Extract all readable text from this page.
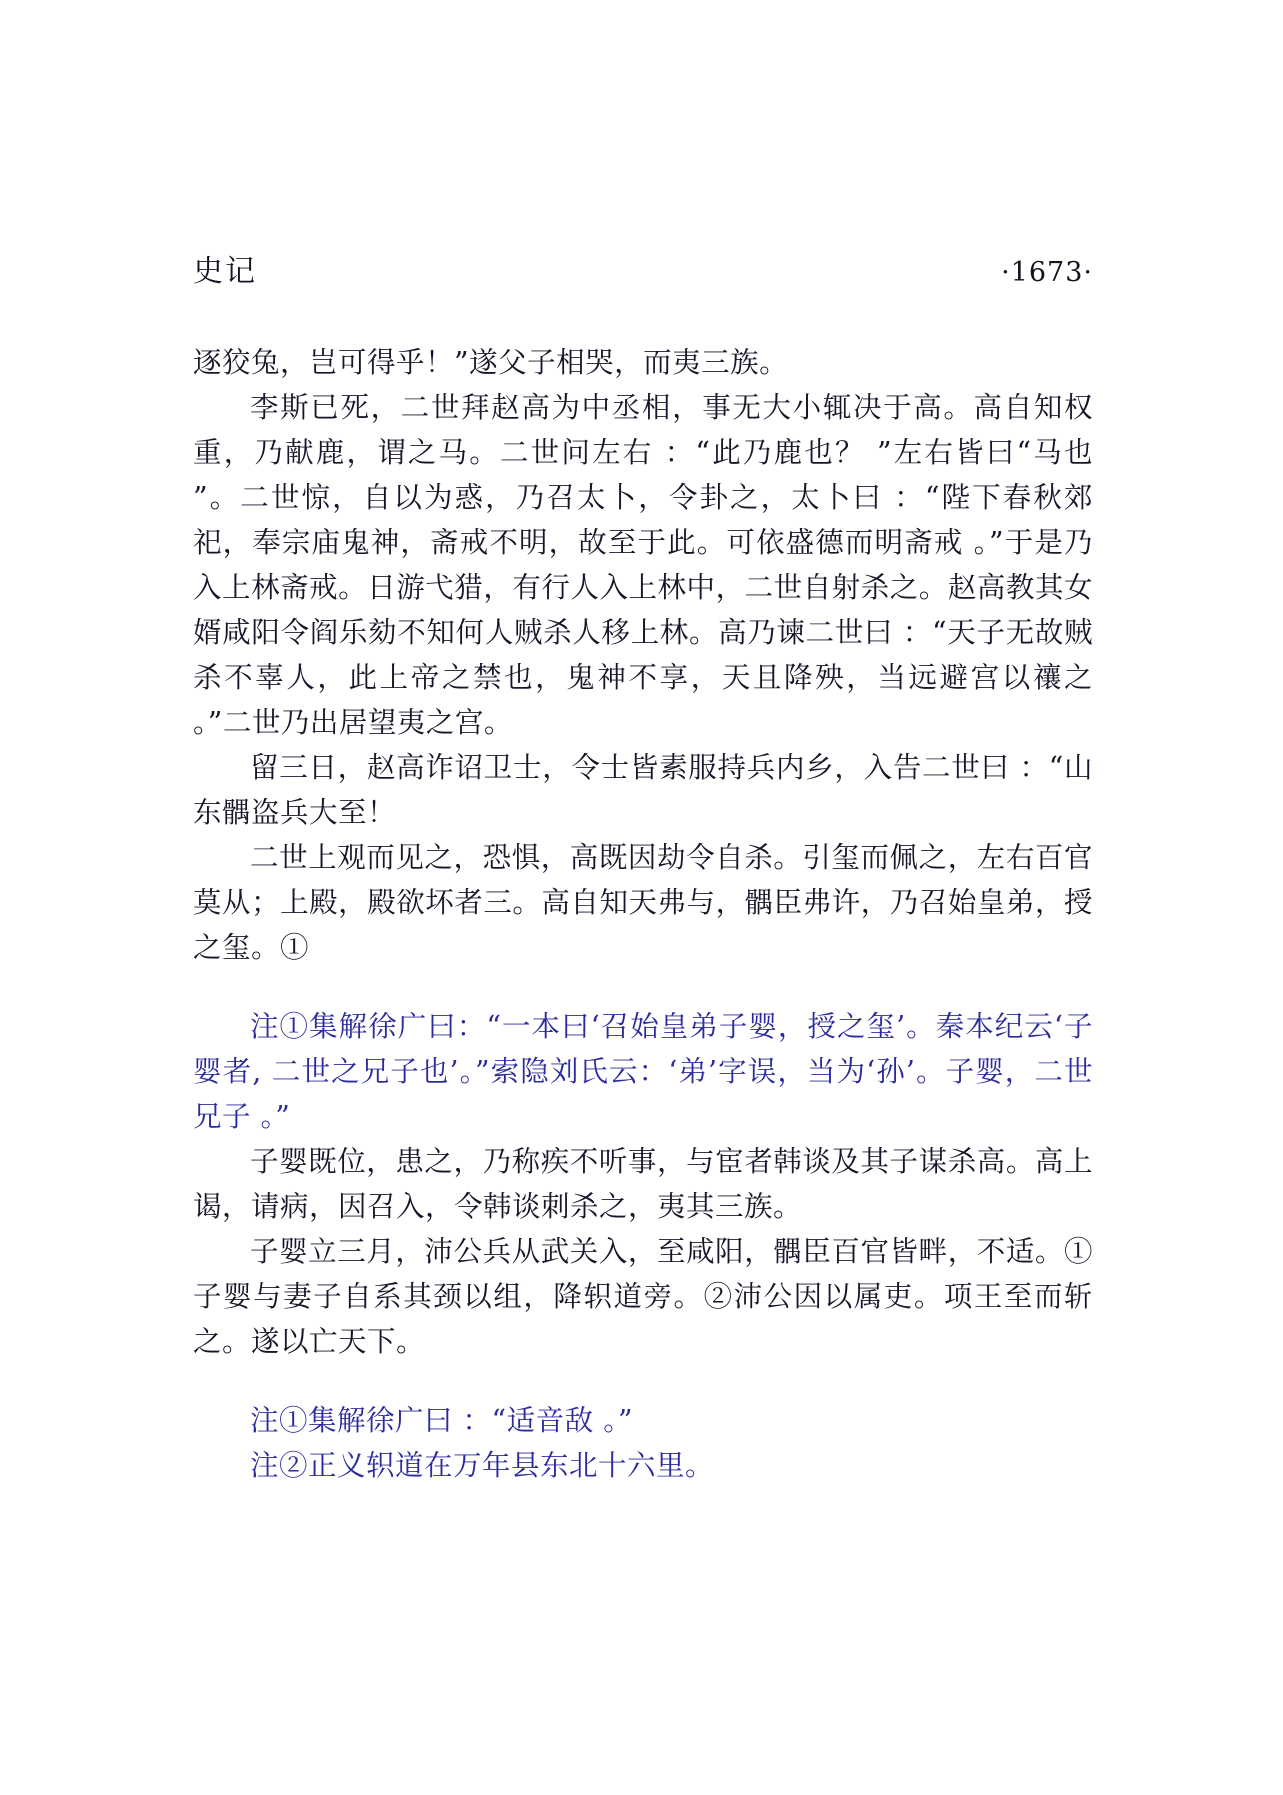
史记	·1673·

逐狡兔，岂可得乎！”遂父子相哭，而夷三族。

李斯已死，二世拜赵高为中丞相，事无大小辄决于高。高自知权重，乃献鹿，谓之马。二世问左右 ：“此乃鹿也？ ”左右皆曰“马也 ”。二世惊，自以为惑，乃召太卜，令卦之，太卜曰 ：“陛下春秋郊祀，奉宗庙鬼神，斋戒不明，故至于此。可依盛德而明斋戒 。”于是乃入上林斋戒。日游弋猎，有行人入上林中，二世自射杀之。赵高教其女婿咸阳令阎乐劾不知何人贼杀人移上林。高乃谏二世曰 ：“天子无故贼杀不辜人，此上帝之禁也，鬼神不享，天且降殃，当远避宫以禳之 。”二世乃出居望夷之宫。

留三日，赵高诈诏卫士，令士皆素服持兵内乡，入告二世曰 ：“山东髃盗兵大至！

二世上观而见之，恐惧，高既因劫令自杀。引玺而佩之，左右百官莫从；上殿，殿欲坏者三。高自知天弗与，髃臣弗许，乃召始皇弟，授之玺。①

注①集解徐广曰：“一本曰‘召始皇弟子婴，授之玺’。秦本纪云‘子婴者, 二世之兄子也’。”索隐刘氏云：‘弟’字误，当为‘孙’。子婴，二世兄子 。”

子婴既位，患之，乃称疾不听事，与宦者韩谈及其子谋杀高。高上谒，请病，因召入，令韩谈刺杀之，夷其三族。

子婴立三月，沛公兵从武关入，至咸阳，髃臣百官皆畔，不适。①子婴与妻子自系其颈以组，降轵道旁。②沛公因以属吏。项王至而斩之。遂以亡天下。

注①集解徐广曰 ：“适音敌 。”

注②正义轵道在万年县东北十六里。
